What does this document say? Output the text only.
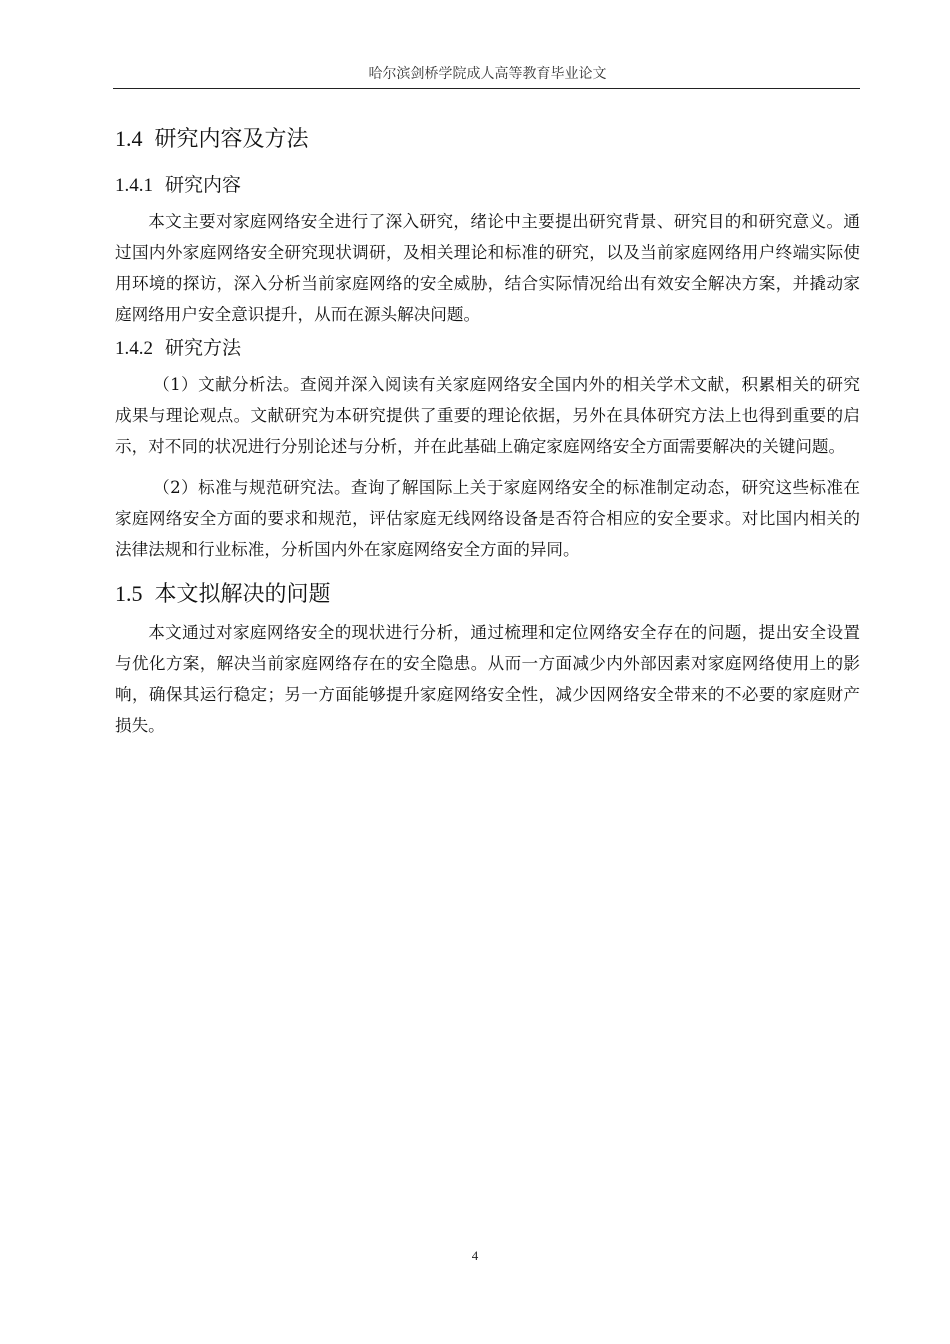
哈尔滨剑桥学院成人高等教育毕业论文
1.4 研究内容及方法
1.4.1 研究内容

本文主要对家庭网络安全进行了深入研究，绪论中主要提出研究背景、研究目的和研究意义。通过国内外家庭网络安全研究现状调研，及相关理论和标准的研究，以及当前家庭网络用户终端实际使用环境的探访，深入分析当前家庭网络的安全威胁，结合实际情况给出有效安全解决方案，并撬动家庭网络用户安全意识提升，从而在源头解决问题。

1.4.2 研究方法

（1）文献分析法。查阅并深入阅读有关家庭网络安全国内外的相关学术文献，积累相关的研究成果与理论观点。文献研究为本研究提供了重要的理论依据，另外在具体研究方法上也得到重要的启示，对不同的状况进行分别论述与分析，并在此基础上确定家庭网络安全方面需要解决的关键问题。

（2）标准与规范研究法。查询了解国际上关于家庭网络安全的标准制定动态，研究这些标准在家庭网络安全方面的要求和规范，评估家庭无线网络设备是否符合相应的安全要求。对比国内相关的法律法规和行业标准，分析国内外在家庭网络安全方面的异同。

1.5 本文拟解决的问题

本文通过对家庭网络安全的现状进行分析，通过梳理和定位网络安全存在的问题，提出安全设置与优化方案，解决当前家庭网络存在的安全隐患。从而一方面减少内外部因素对家庭网络使用上的影响，确保其运行稳定；另一方面能够提升家庭网络安全性，减少因网络安全带来的不必要的家庭财产损失。

4
